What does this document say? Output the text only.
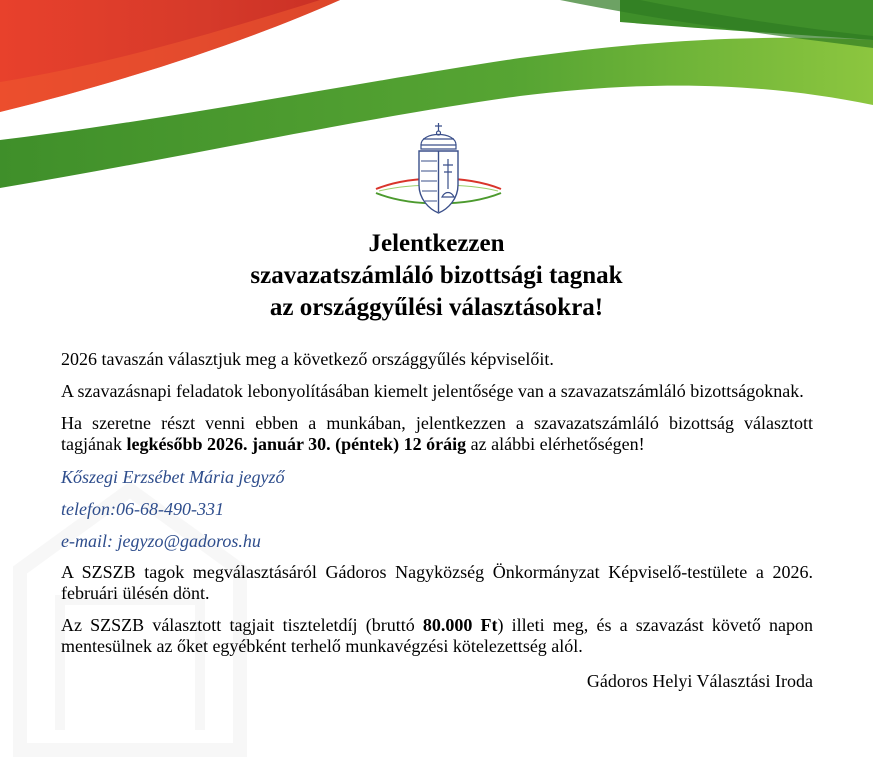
Jelentkezzen
szavazatszámláló bizottsági tagnak
az országgyűlési választásokra!

2026 tavaszán választjuk meg a következő országgyűlés képviselőit.

A szavazásnapi feladatok lebonyolításában kiemelt jelentősége van a szavazatszámláló bizottságoknak.

Ha szeretne részt venni ebben a munkában, jelentkezzen a szavazatszámláló bizottság választott tagjának legkésőbb 2026. január 30. (péntek) 12 óráig az alábbi elérhetőségen!

Kőszegi Erzsébet Mária jegyző

telefon:06-68-490-331

e-mail: jegyzo@gadoros.hu

A SZSZB tagok megválasztásáról Gádoros Nagyközség Önkormányzat Képviselő-testülete a 2026. februári ülésén dönt.

Az SZSZB választott tagjait tiszteletdíj (bruttó 80.000 Ft) illeti meg, és a szavazást követő napon mentesülnek az őket egyébként terhelő munkavégzési kötelezettség alól.

Gádoros Helyi Választási Iroda
